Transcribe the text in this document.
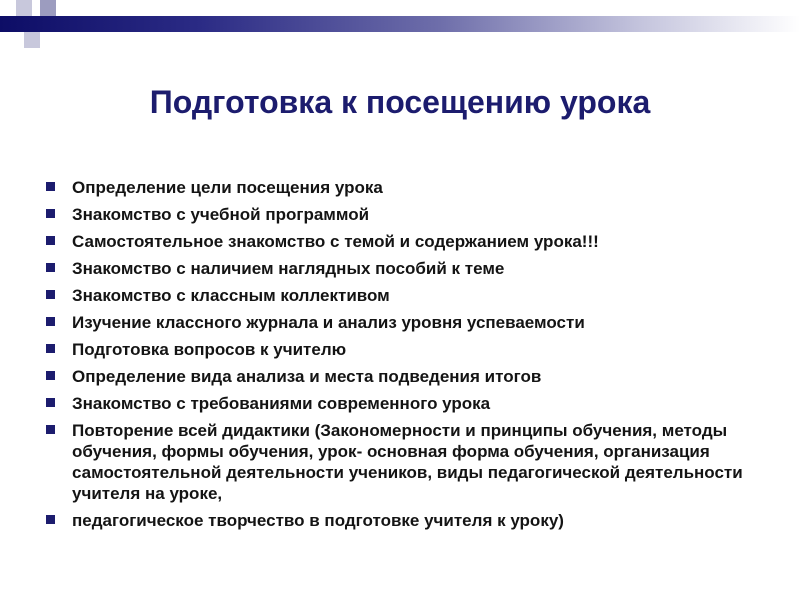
Подготовка к посещению урока
Определение цели посещения урока
Знакомство с учебной программой
Самостоятельное знакомство с темой и содержанием урока!!!
Знакомство с наличием наглядных пособий к теме
Знакомство с классным коллективом
Изучение классного журнала и анализ уровня успеваемости
Подготовка вопросов к учителю
Определение вида анализа и места подведения итогов
Знакомство с требованиями современного урока
Повторение всей дидактики (Закономерности и принципы обучения, методы обучения, формы обучения, урок- основная форма обучения, организация самостоятельной деятельности учеников, виды педагогической деятельности учителя на уроке,
педагогическое творчество в подготовке учителя к уроку)
